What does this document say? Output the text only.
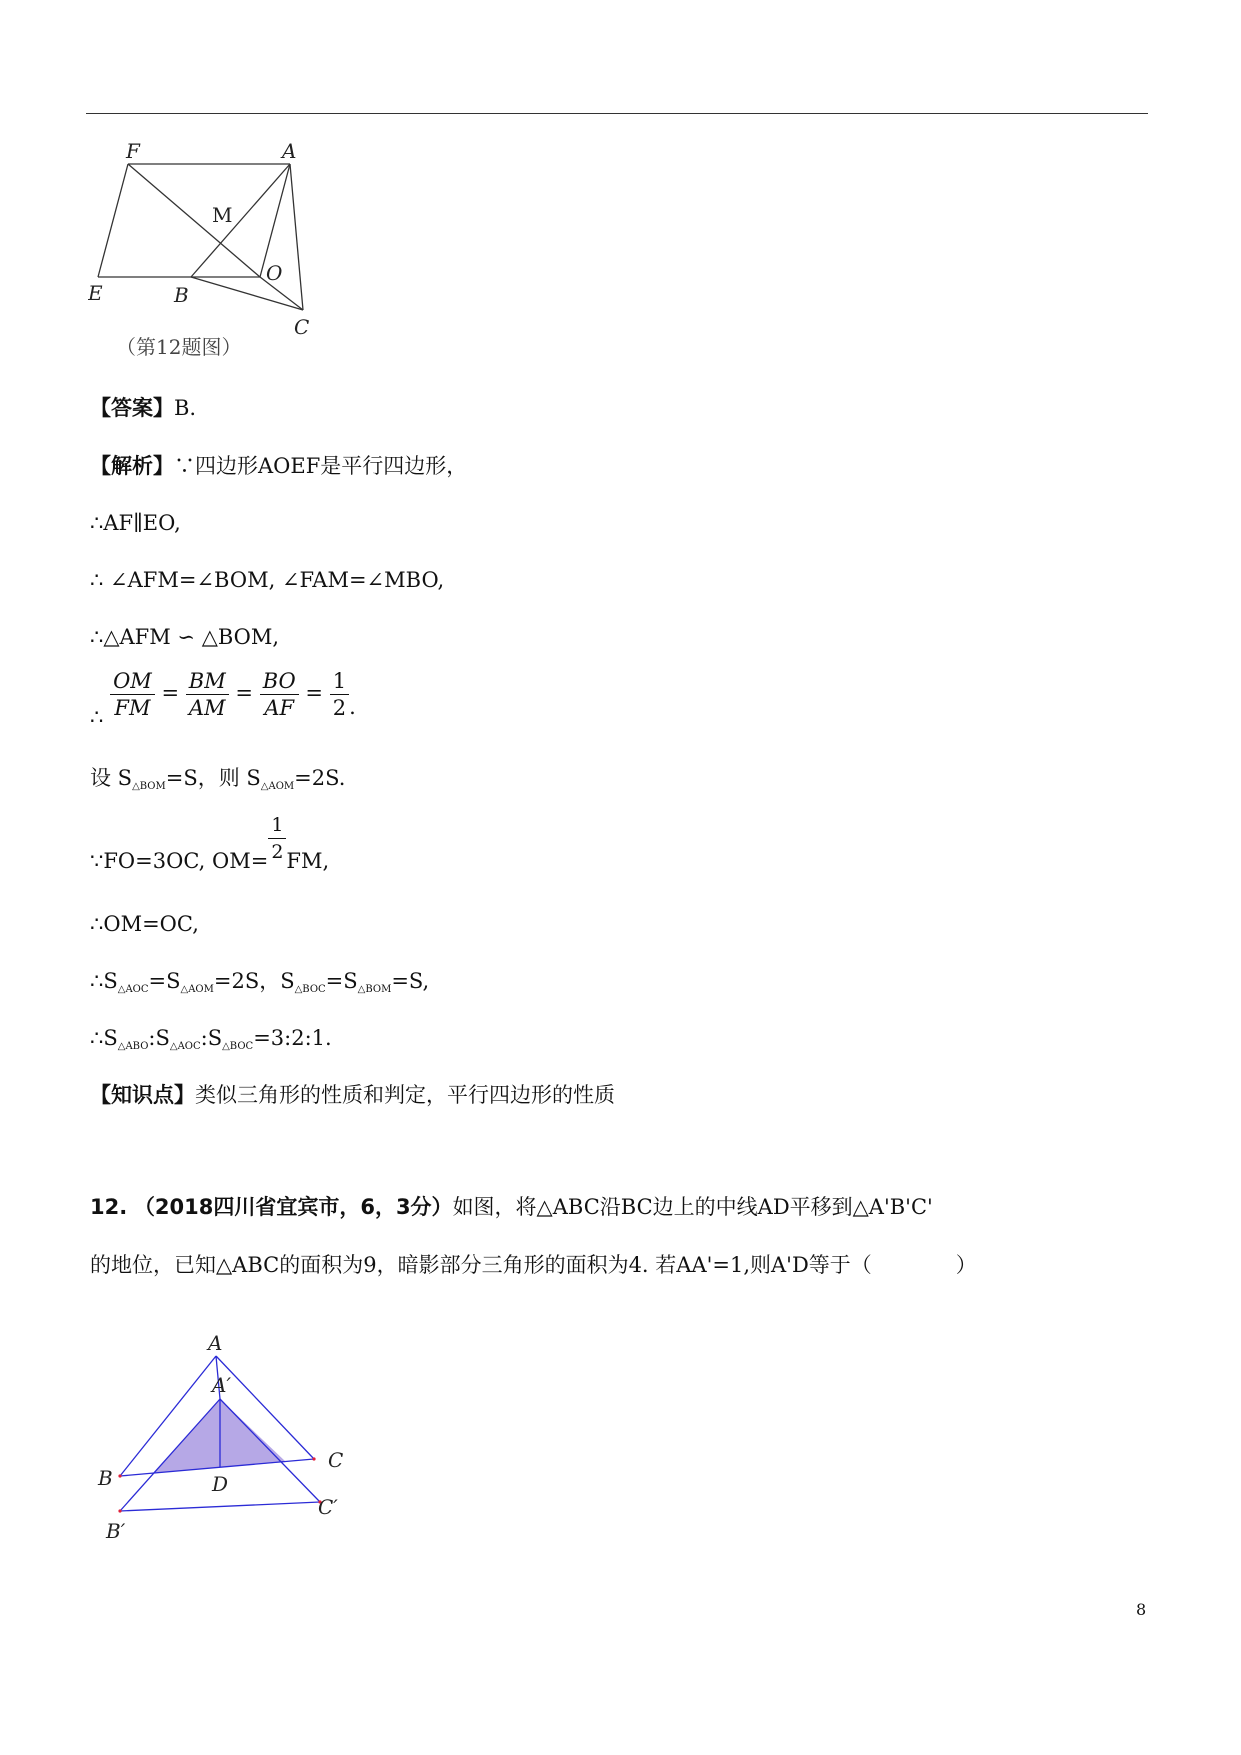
F	A
M
E	B
O
C
（第12题图）
【答案】B.
【解析】∵四边形AOEF是平行四边形，
∴AF∥EO,
∴ ∠AFM=∠BOM, ∠FAM=∠MBO,
∴△AFM ∽ △BOM,
∴ $\frac{OM}{FM} = \frac{BM}{AM} = \frac{BO}{AF} = \frac{1}{2}$ .
设 S△BOM=S，则 S△AOM=2S.
∵FO=3OC, $OM= \frac{1}{2}$ FM,
∴OM=OC,
∴S△AOC=S△AOM=2S，S△BOC=S△BOM=S,
∴S△ABO:S△AOC:S△BOC=3:2:1.
【知识点】类似三角形的性质和判定，平行四边形的性质
12. （2018四川省宜宾市，6，3分）如图，将△ABC沿BC边上的中线AD平移到△A'B'C'
的地位，已知△ABC的面积为9，暗影部分三角形的面积为4. 若AA'=1,则A'D等于（　　　　）
A
A′
B
C
D
B′
C′
8
